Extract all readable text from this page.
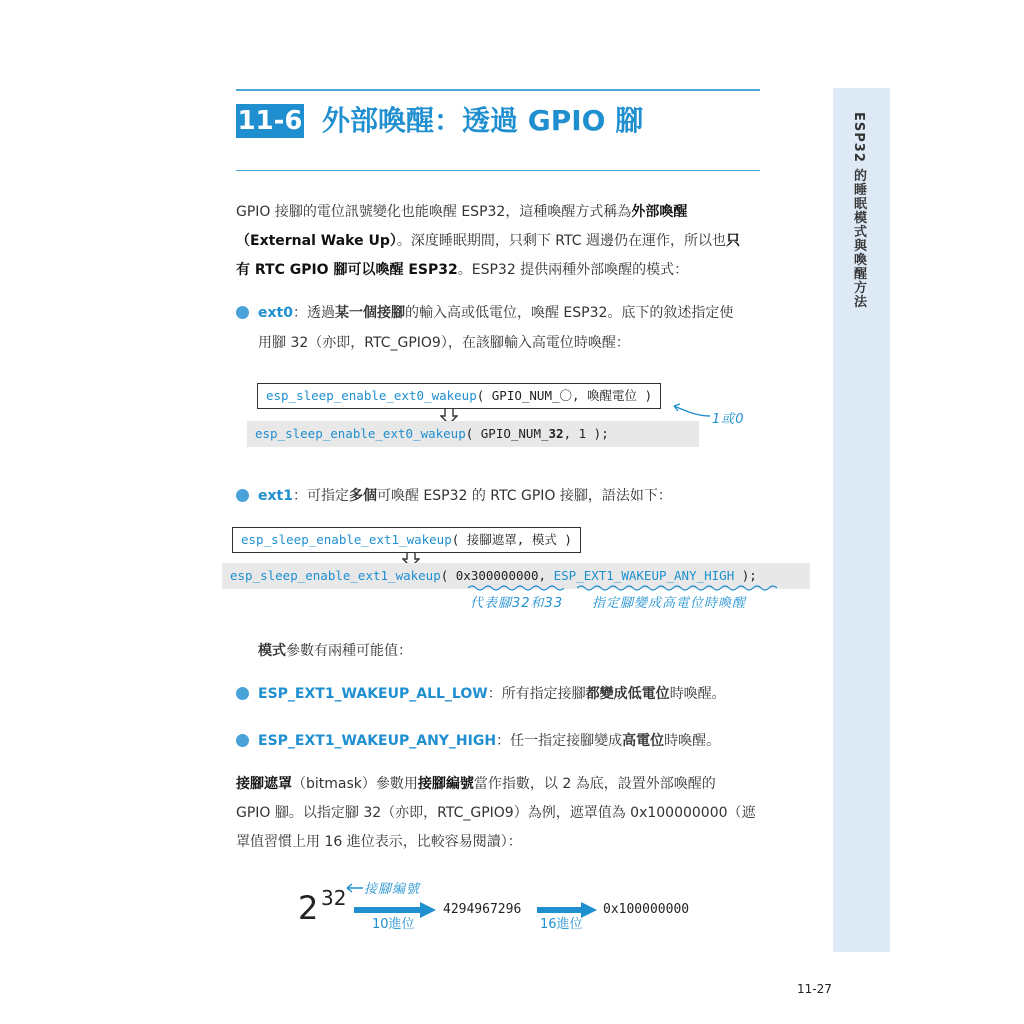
11-6 外部喚醒：透過 GPIO 腳	ESP32 的睡眠模式與喚醒方法
GPIO 接腳的電位訊號變化也能喚醒 ESP32，這種喚醒方式稱為外部喚醒
（External Wake Up）。深度睡眠期間，只剩下 RTC 週邊仍在運作，所以也只
有 RTC GPIO 腳可以喚醒 ESP32。ESP32 提供兩種外部喚醒的模式：
ext0：透過某一個接腳的輸入高或低電位，喚醒 ESP32。底下的敘述指定使
用腳 32（亦即，RTC_GPIO9），在該腳輸入高電位時喚醒：
esp_sleep_enable_ext0_wakeup( GPIO_NUM_〇, 喚醒電位 )
esp_sleep_enable_ext0_wakeup( GPIO_NUM_32, 1 );
1或0
ext1：可指定多個可喚醒 ESP32 的 RTC GPIO 接腳，語法如下：
esp_sleep_enable_ext1_wakeup( 接腳遮罩, 模式 )
esp_sleep_enable_ext1_wakeup( 0x300000000, ESP_EXT1_WAKEUP_ANY_HIGH );
代表腳32和33 指定腳變成高電位時喚醒
模式參數有兩種可能值：
ESP_EXT1_WAKEUP_ALL_LOW：所有指定接腳都變成低電位時喚醒。
ESP_EXT1_WAKEUP_ANY_HIGH：任一指定接腳變成高電位時喚醒。
接腳遮罩（bitmask）參數用接腳編號當作指數，以 2 為底，設置外部喚醒的
GPIO 腳。以指定腳 32（亦即，RTC_GPIO9）為例，遮罩值為 0x100000000（遮
罩值習慣上用 16 進位表示，比較容易閱讀）：
2 32 接腳編號
10進位
4294967296
16進位
0x100000000
11-27
